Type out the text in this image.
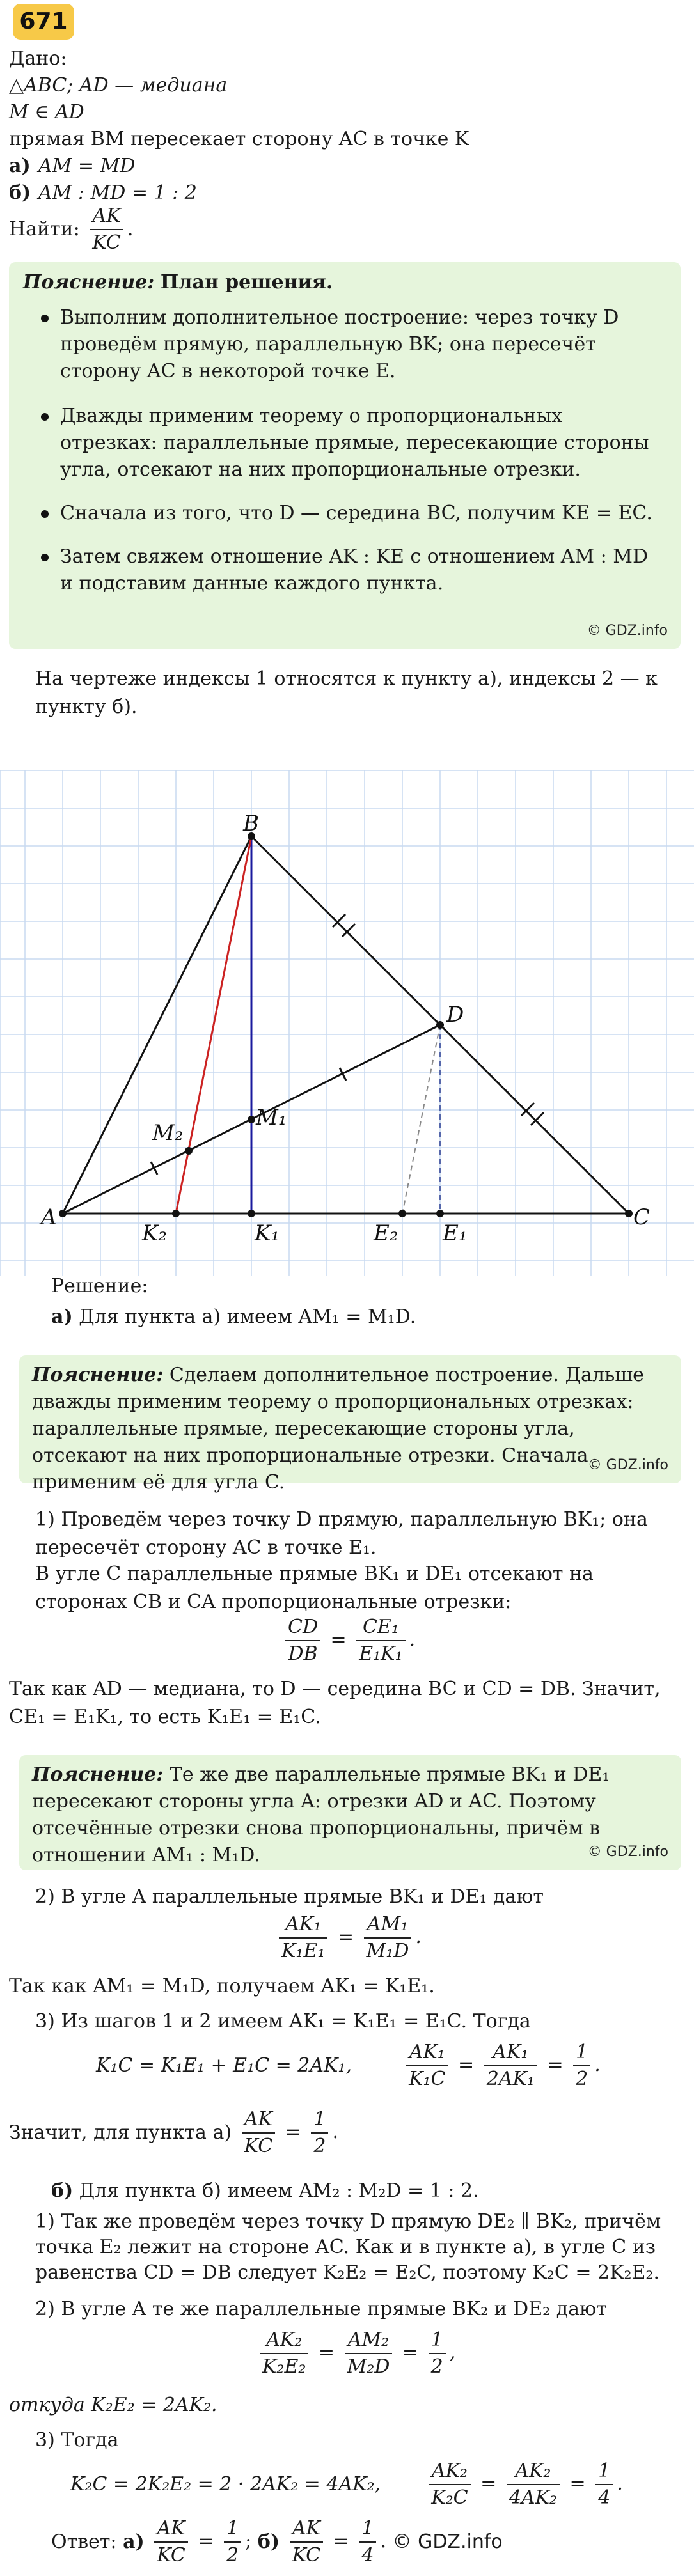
671
Дано:
△ABC; AD — медиана
M ∈ AD
прямая BM пересекает сторону AC в точке K
а) AM = MD
б) AM : MD = 1 : 2
Найти: $\frac{AK}{KC}$ .
Пояснение: План решения.
Выполним дополнительное построение: через точку D проведём прямую, параллельную BK; она пересечёт сторону AC в некоторой точке E.
Дважды применим теорему о пропорциональных отрезках: параллельные прямые, пересекающие стороны угла, отсекают на них пропорциональные отрезки.
Сначала из того, что D — середина BC, получим KE = EC.
Затем свяжем отношение AK : KE с отношением AM : MD и подставим данные каждого пункта.
© GDZ.info
На чертеже индексы 1 относятся к пункту а), индексы 2 — к пункту б).
A
B
C
D
M₁
M₂
K₁
K₂	E₁
E₂
Решение:
а) Для пункта а) имеем AM₁ = M₁D.
Пояснение: Сделаем дополнительное построение. Дальше дважды применим теорему о пропорциональных отрезках: параллельные прямые, пересекающие стороны угла, отсекают на них пропорциональные отрезки. Сначала применим её для угла C.
© GDZ.info
1) Проведём через точку D прямую, параллельную BK₁; она пересечёт сторону AC в точке E₁.
В угле C параллельные прямые BK₁ и DE₁ отсекают на сторонах CB и CA пропорциональные отрезки:
$\frac{CD}{DB} = \frac{\text{CE₁}}{\text{E₁K₁}}$ .
Так как AD — медиана, то D — середина BC и CD = DB. Значит, CE₁ = E₁K₁, то есть K₁E₁ = E₁C.
Пояснение: Те же две параллельные прямые BK₁ и DE₁ пересекают стороны угла A: отрезки AD и AC. Поэтому отсечённые отрезки снова пропорциональны, причём в отношении AM₁ : M₁D.	© GDZ.info
2) В угле A параллельные прямые BK₁ и DE₁ дают
$\frac{\text{AK₁}}{\text{K₁E₁}} = \frac{\text{AM₁}}{\text{M₁D}}$ .
Так как AM₁ = M₁D, получаем AK₁ = K₁E₁.
3) Из шагов 1 и 2 имеем AK₁ = K₁E₁ = E₁C. Тогда
K₁C = K₁E₁ + E₁C = 2AK₁,	$\frac{\text{AK₁}}{\text{K₁C}} = \frac{\text{AK₁}}{\text{2AK₁}} = \frac{1}{2}$ .
Значит, для пункта $а) \frac{AK}{KC} = \frac{1}{2}$ .
б) Для пункта б) имеем AM₂ : M₂D = 1 : 2.
1) Так же проведём через точку D прямую DE₂ ∥ BK₂, причём точка E₂ лежит на стороне AC. Как и в пункте а), в угле C из равенства CD = DB следует K₂E₂ = E₂C, поэтому K₂C = 2K₂E₂.
2) В угле A те же параллельные прямые BK₂ и DE₂ дают
$\frac{\text{AK₂}}{\text{K₂E₂}} = \frac{\text{AM₂}}{\text{M₂D}} = \frac{1}{2}$ ,
откуда K₂E₂ = 2AK₂.
3) Тогда
K₂C = 2K₂E₂ = 2 · 2AK₂ = 4AK₂,	$\frac{\text{AK₂}}{\text{K₂C}} = \frac{\text{AK₂}}{\text{4AK₂}} = \frac{1}{4}$ .
Ответ: $а) \frac{AK}{KC} = \frac{1}{2}$ ; $б) \frac{AK}{KC} = \frac{1}{4}$ . © GDZ.info
